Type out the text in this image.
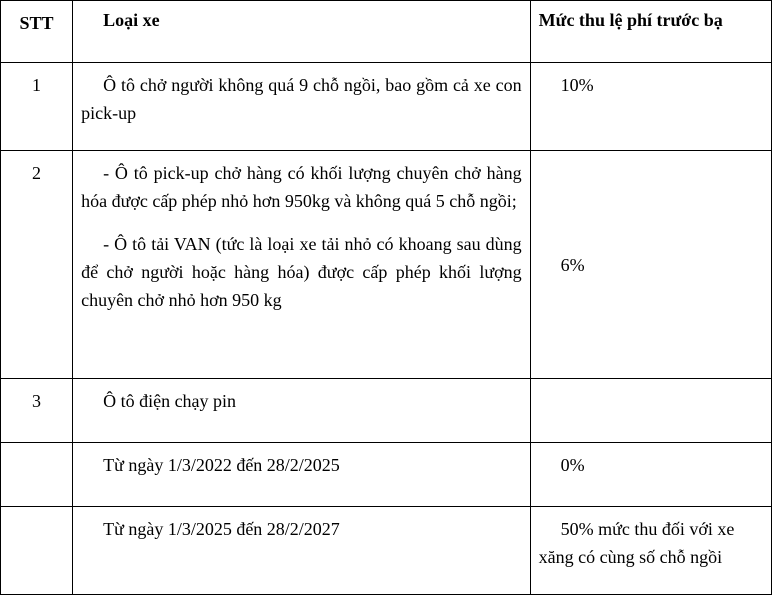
STT	Loại xe	Mức thu lệ phí trước bạ
1	Ô tô chở người không quá 9 chỗ ngồi, bao gồm cả xe con pick-up	10%

2	- Ô tô pick-up chở hàng có khối lượng chuyên chở hàng hóa được cấp phép nhỏ hơn 950kg và không quá 5 chỗ ngồi;

- Ô tô tải VAN (tức là loại xe tải nhỏ có khoang sau dùng để chở người hoặc hàng hóa) được cấp phép khối lượng chuyên chở nhỏ hơn 950 kg	6%

3	Ô tô điện chạy pin	

	Từ ngày 1/3/2022 đến 28/2/2025	0%

	Từ ngày 1/3/2025 đến 28/2/2027	50% mức thu đối với xe xăng có cùng số chỗ ngồi
